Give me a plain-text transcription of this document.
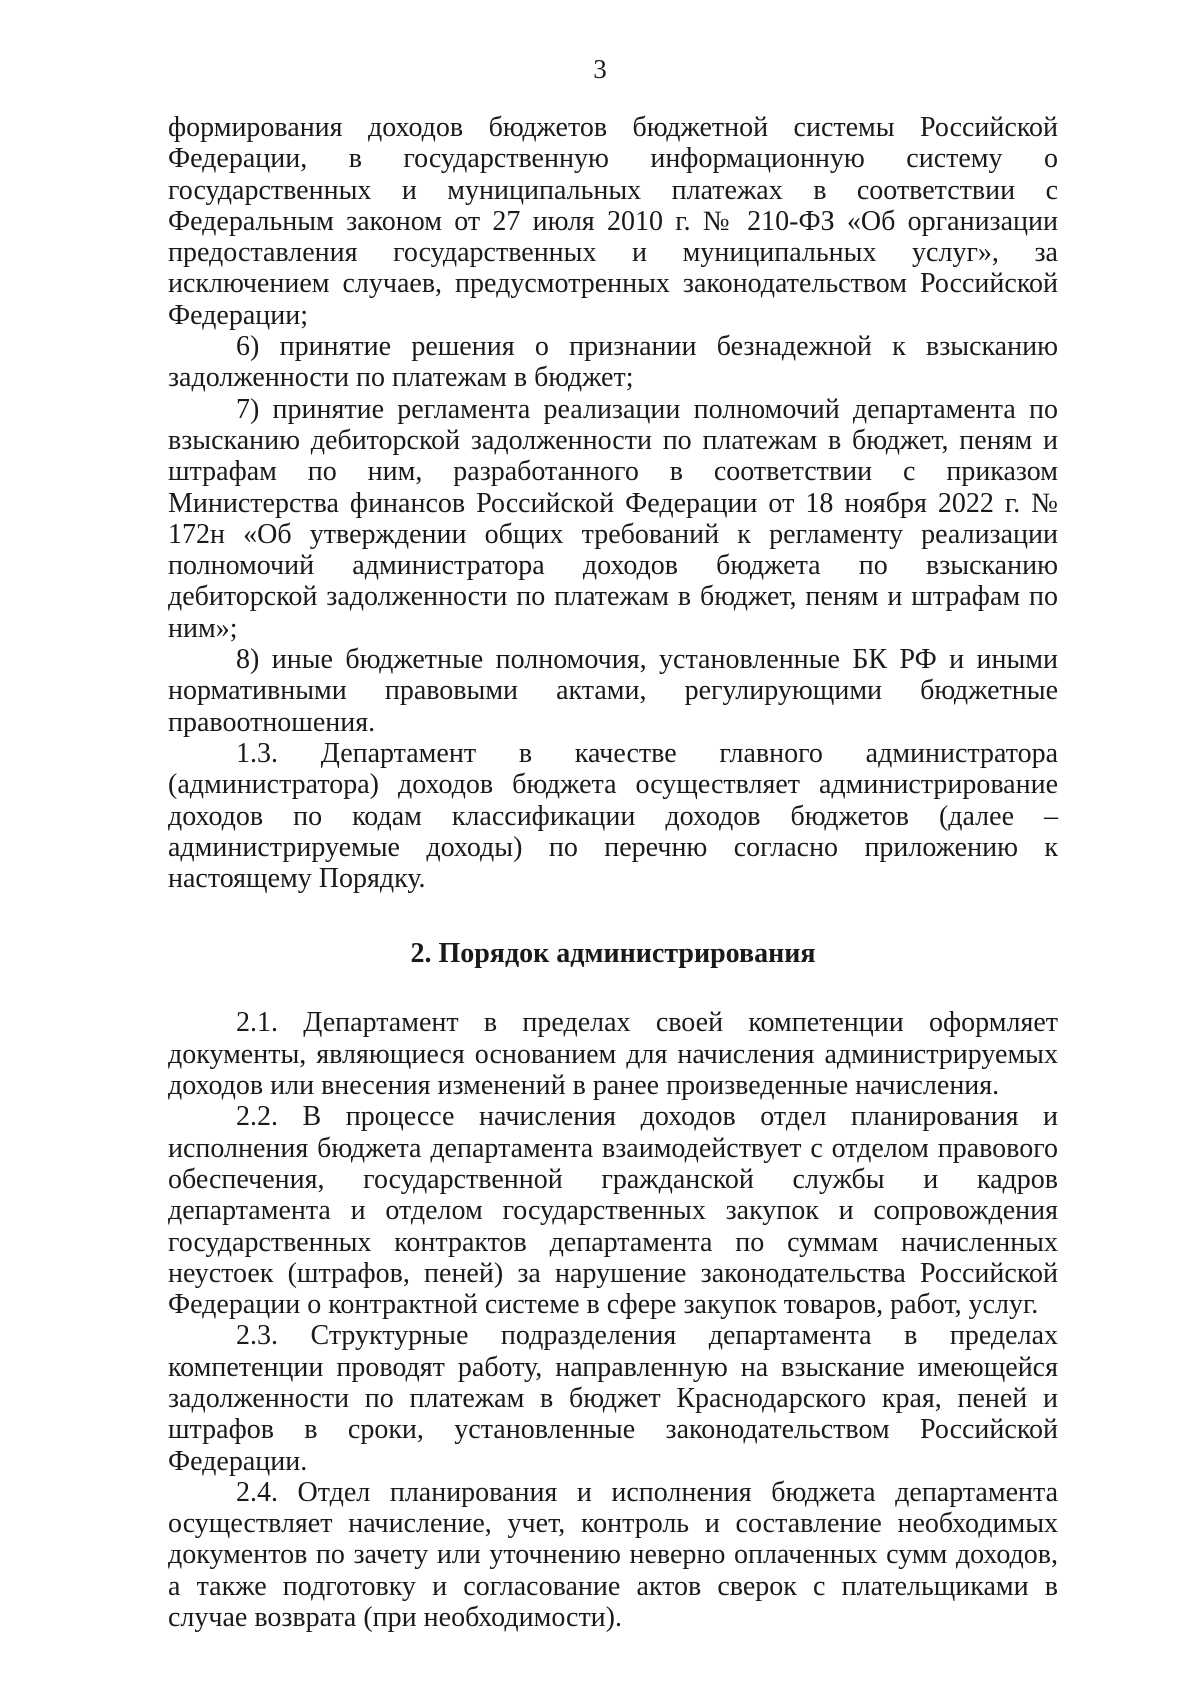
3

формирования доходов бюджетов бюджетной системы Российской Федерации, в государственную информационную систему о государственных и муниципальных платежах в соответствии с Федеральным законом от 27 июля 2010 г. № 210-ФЗ «Об организации предоставления государственных и муниципальных услуг», за исключением случаев, предусмотренных законодательством Российской Федерации;

6) принятие решения о признании безнадежной к взысканию задолженности по платежам в бюджет;

7) принятие регламента реализации полномочий департамента по взысканию дебиторской задолженности по платежам в бюджет, пеням и штрафам по ним, разработанного в соответствии с приказом Министерства финансов Российской Федерации от 18 ноября 2022 г. № 172н «Об утверждении общих требований к регламенту реализации полномочий администратора доходов бюджета по взысканию дебиторской задолженности по платежам в бюджет, пеням и штрафам по ним»;

8) иные бюджетные полномочия, установленные БК РФ и иными нормативными правовыми актами, регулирующими бюджетные правоотношения.

1.3. Департамент в качестве главного администратора (администратора) доходов бюджета осуществляет администрирование доходов по кодам классификации доходов бюджетов (далее – администрируемые доходы) по перечню согласно приложению к настоящему Порядку.

2. Порядок администрирования

2.1. Департамент в пределах своей компетенции оформляет документы, являющиеся основанием для начисления администрируемых доходов или внесения изменений в ранее произведенные начисления.

2.2. В процессе начисления доходов отдел планирования и исполнения бюджета департамента взаимодействует с отделом правового обеспечения, государственной гражданской службы и кадров департамента и отделом государственных закупок и сопровождения государственных контрактов департамента по суммам начисленных неустоек (штрафов, пеней) за нарушение законодательства Российской Федерации о контрактной системе в сфере закупок товаров, работ, услуг.

2.3. Структурные подразделения департамента в пределах компетенции проводят работу, направленную на взыскание имеющейся задолженности по платежам в бюджет Краснодарского края, пеней и штрафов в сроки, установленные законодательством Российской Федерации.

2.4. Отдел планирования и исполнения бюджета департамента осуществляет начисление, учет, контроль и составление необходимых документов по зачету или уточнению неверно оплаченных сумм доходов, а также подготовку и согласование актов сверок с плательщиками в случае возврата (при необходимости).
